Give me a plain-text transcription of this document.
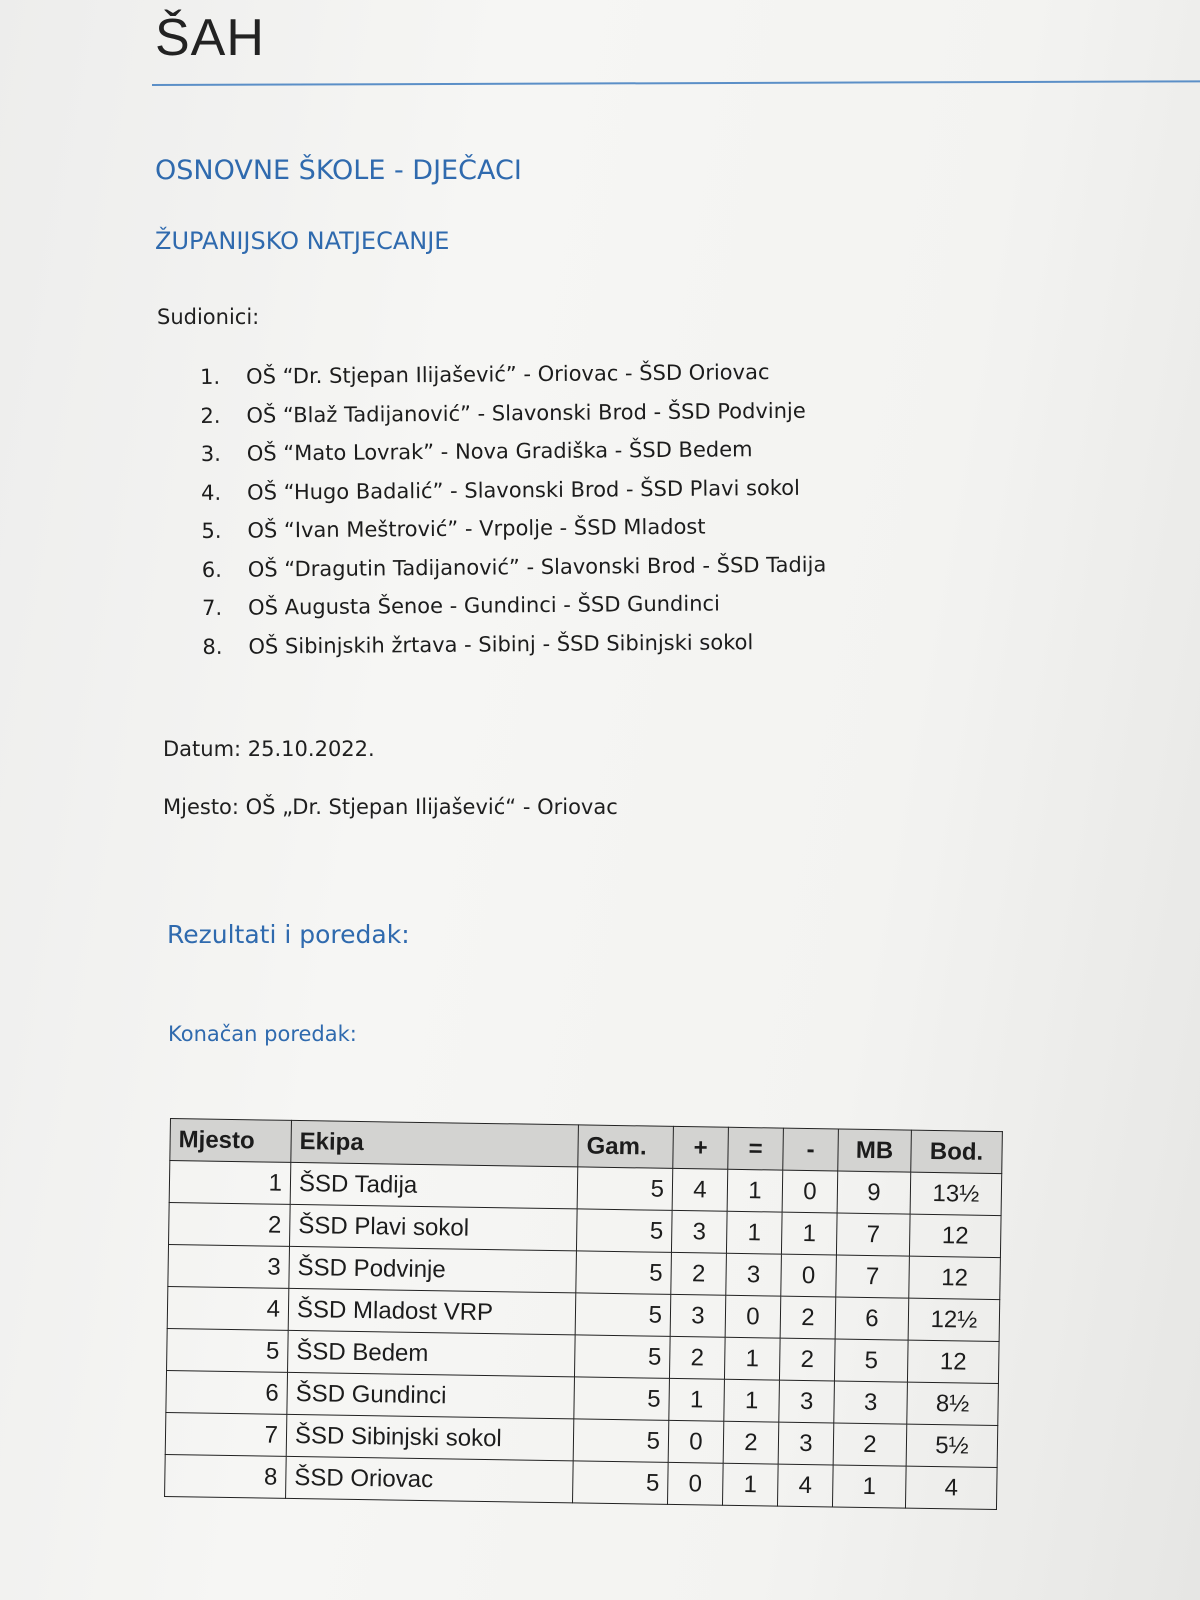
ŠAH
OSNOVNE ŠKOLE - DJEČACI
ŽUPANIJSKO NATJECANJE
Sudionici:
1.	OŠ “Dr. Stjepan Ilijašević” - Oriovac - ŠSD Oriovac
2.	OŠ “Blaž Tadijanović” - Slavonski Brod - ŠSD Podvinje
3.	OŠ “Mato Lovrak” - Nova Gradiška - ŠSD Bedem
4.	OŠ “Hugo Badalić” - Slavonski Brod - ŠSD Plavi sokol
5.	OŠ “Ivan Meštrović” - Vrpolje - ŠSD Mladost
6.	OŠ “Dragutin Tadijanović” - Slavonski Brod - ŠSD Tadija
7.	OŠ Augusta Šenoe - Gundinci - ŠSD Gundinci
8.	OŠ Sibinjskih žrtava - Sibinj - ŠSD Sibinjski sokol
Datum: 25.10.2022.
Mjesto: OŠ „Dr. Stjepan Ilijašević“ - Oriovac
Rezultati i poredak:
Konačan poredak:
Mjesto	Ekipa	Gam.	+	=	-	MB	Bod.
1	ŠSD Tadija	5	4	1	0	9	13½
2	ŠSD Plavi sokol	5	3	1	1	7	12
3	ŠSD Podvinje	5	2	3	0	7	12
4	ŠSD Mladost VRP	5	3	0	2	6	12½
5	ŠSD Bedem	5	2	1	2	5	12
6	ŠSD Gundinci	5	1	1	3	3	8½
7	ŠSD Sibinjski sokol	5	0	2	3	2	5½
8	ŠSD Oriovac	5	0	1	4	1	4
